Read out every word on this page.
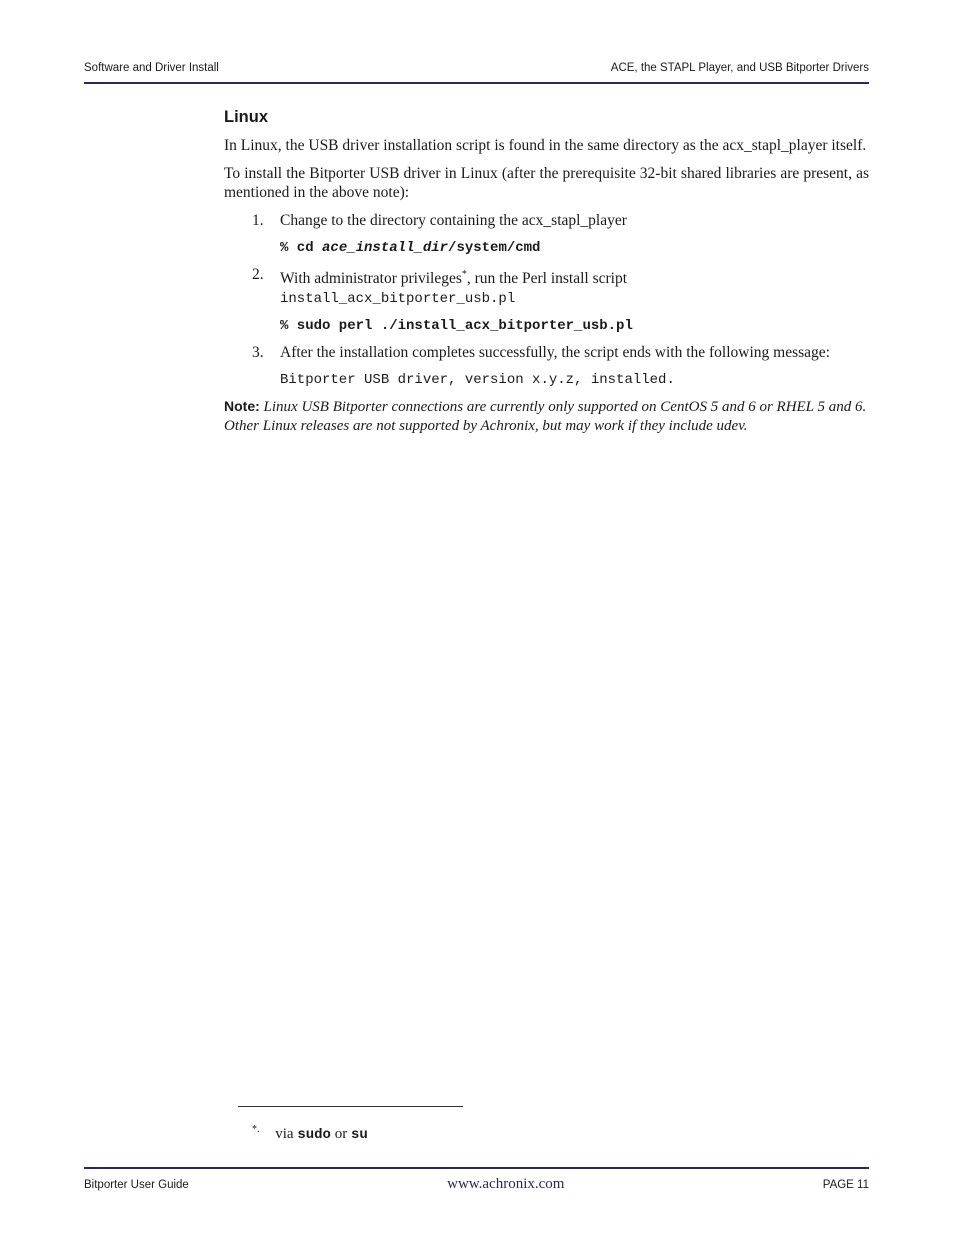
Software and Driver Install	ACE, the STAPL Player, and USB Bitporter Drivers
Linux

In Linux, the USB driver installation script is found in the same directory as the acx_stapl_player itself.

To install the Bitporter USB driver in Linux (after the prerequisite 32-bit shared libraries are present, as mentioned in the above note):

1. Change to the directory containing the acx_stapl_player
% cd ace_install_dir/system/cmd
2. With administrator privileges*, run the Perl install script
install_acx_bitporter_usb.pl
% sudo perl ./install_acx_bitporter_usb.pl
3. After the installation completes successfully, the script ends with the following message:
Bitporter USB driver, version x.y.z, installed.
Note: Linux USB Bitporter connections are currently only supported on CentOS 5 and 6 or RHEL 5 and 6. Other Linux releases are not supported by Achronix, but may work if they include udev.
*. via sudo or su
Bitporter User Guide	www.achronix.com	PAGE 11
